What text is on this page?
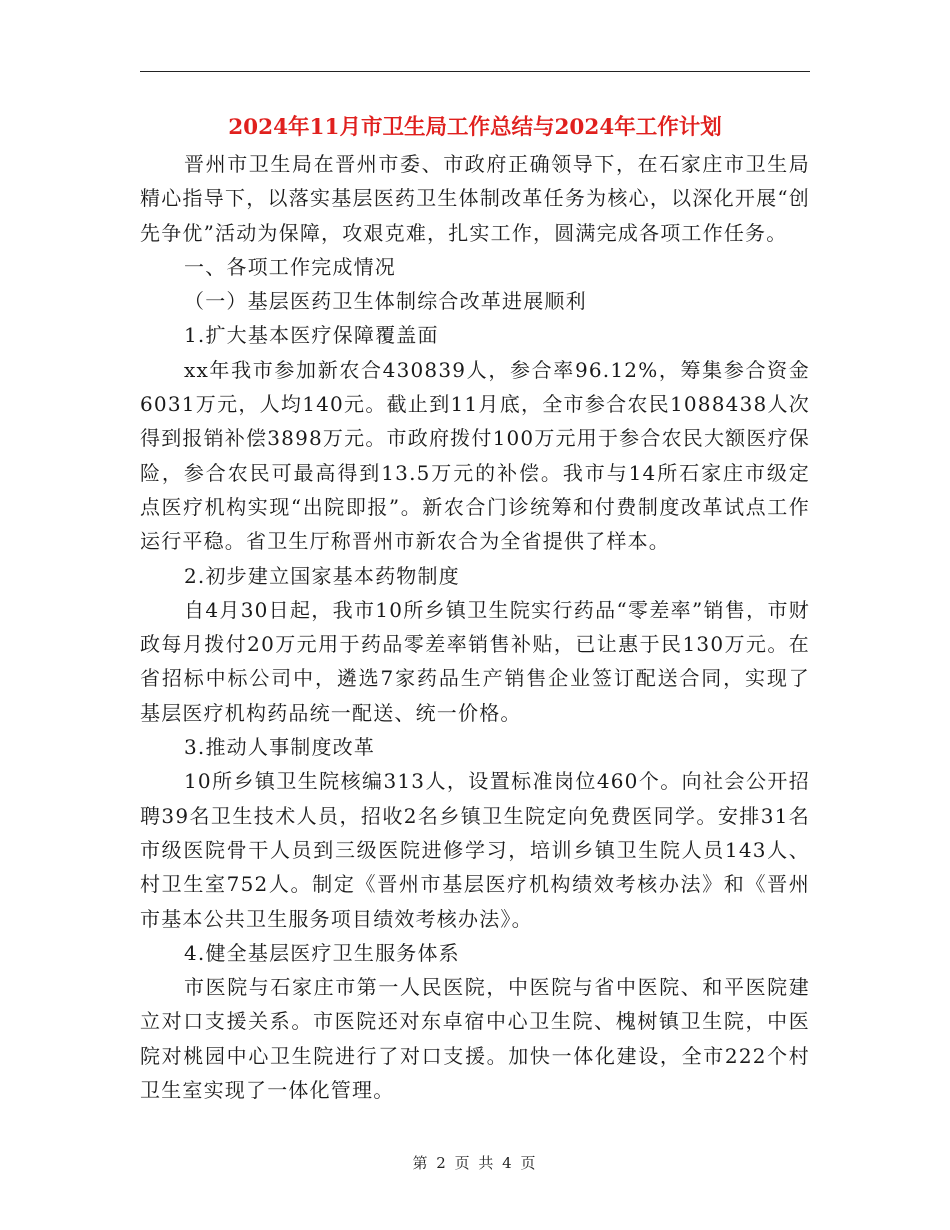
2024年11月市卫生局工作总结与2024年工作计划

晋州市卫生局在晋州市委、市政府正确领导下，在石家庄市卫生局精心指导下，以落实基层医药卫生体制改革任务为核心，以深化开展“创先争优”活动为保障，攻艰克难，扎实工作，圆满完成各项工作任务。

一、各项工作完成情况

（一）基层医药卫生体制综合改革进展顺利

1.扩大基本医疗保障覆盖面

xx年我市参加新农合430839人，参合率96.12%，筹集参合资金6031万元，人均140元。截止到11月底，全市参合农民1088438人次得到报销补偿3898万元。市政府拨付100万元用于参合农民大额医疗保险，参合农民可最高得到13.5万元的补偿。我市与14所石家庄市级定点医疗机构实现“出院即报”。新农合门诊统筹和付费制度改革试点工作运行平稳。省卫生厅称晋州市新农合为全省提供了样本。

2.初步建立国家基本药物制度

自4月30日起，我市10所乡镇卫生院实行药品“零差率”销售，市财政每月拨付20万元用于药品零差率销售补贴，已让惠于民130万元。在省招标中标公司中，遴选7家药品生产销售企业签订配送合同，实现了基层医疗机构药品统一配送、统一价格。

3.推动人事制度改革

10所乡镇卫生院核编313人，设置标准岗位460个。向社会公开招聘39名卫生技术人员，招收2名乡镇卫生院定向免费医同学。安排31名市级医院骨干人员到三级医院进修学习，培训乡镇卫生院人员143人、村卫生室752人。制定《晋州市基层医疗机构绩效考核办法》和《晋州市基本公共卫生服务项目绩效考核办法》。

4.健全基层医疗卫生服务体系

市医院与石家庄市第一人民医院，中医院与省中医院、和平医院建立对口支援关系。市医院还对东卓宿中心卫生院、槐树镇卫生院，中医院对桃园中心卫生院进行了对口支援。加快一体化建设，全市222个村卫生室实现了一体化管理。

第 2 页 共 4 页
